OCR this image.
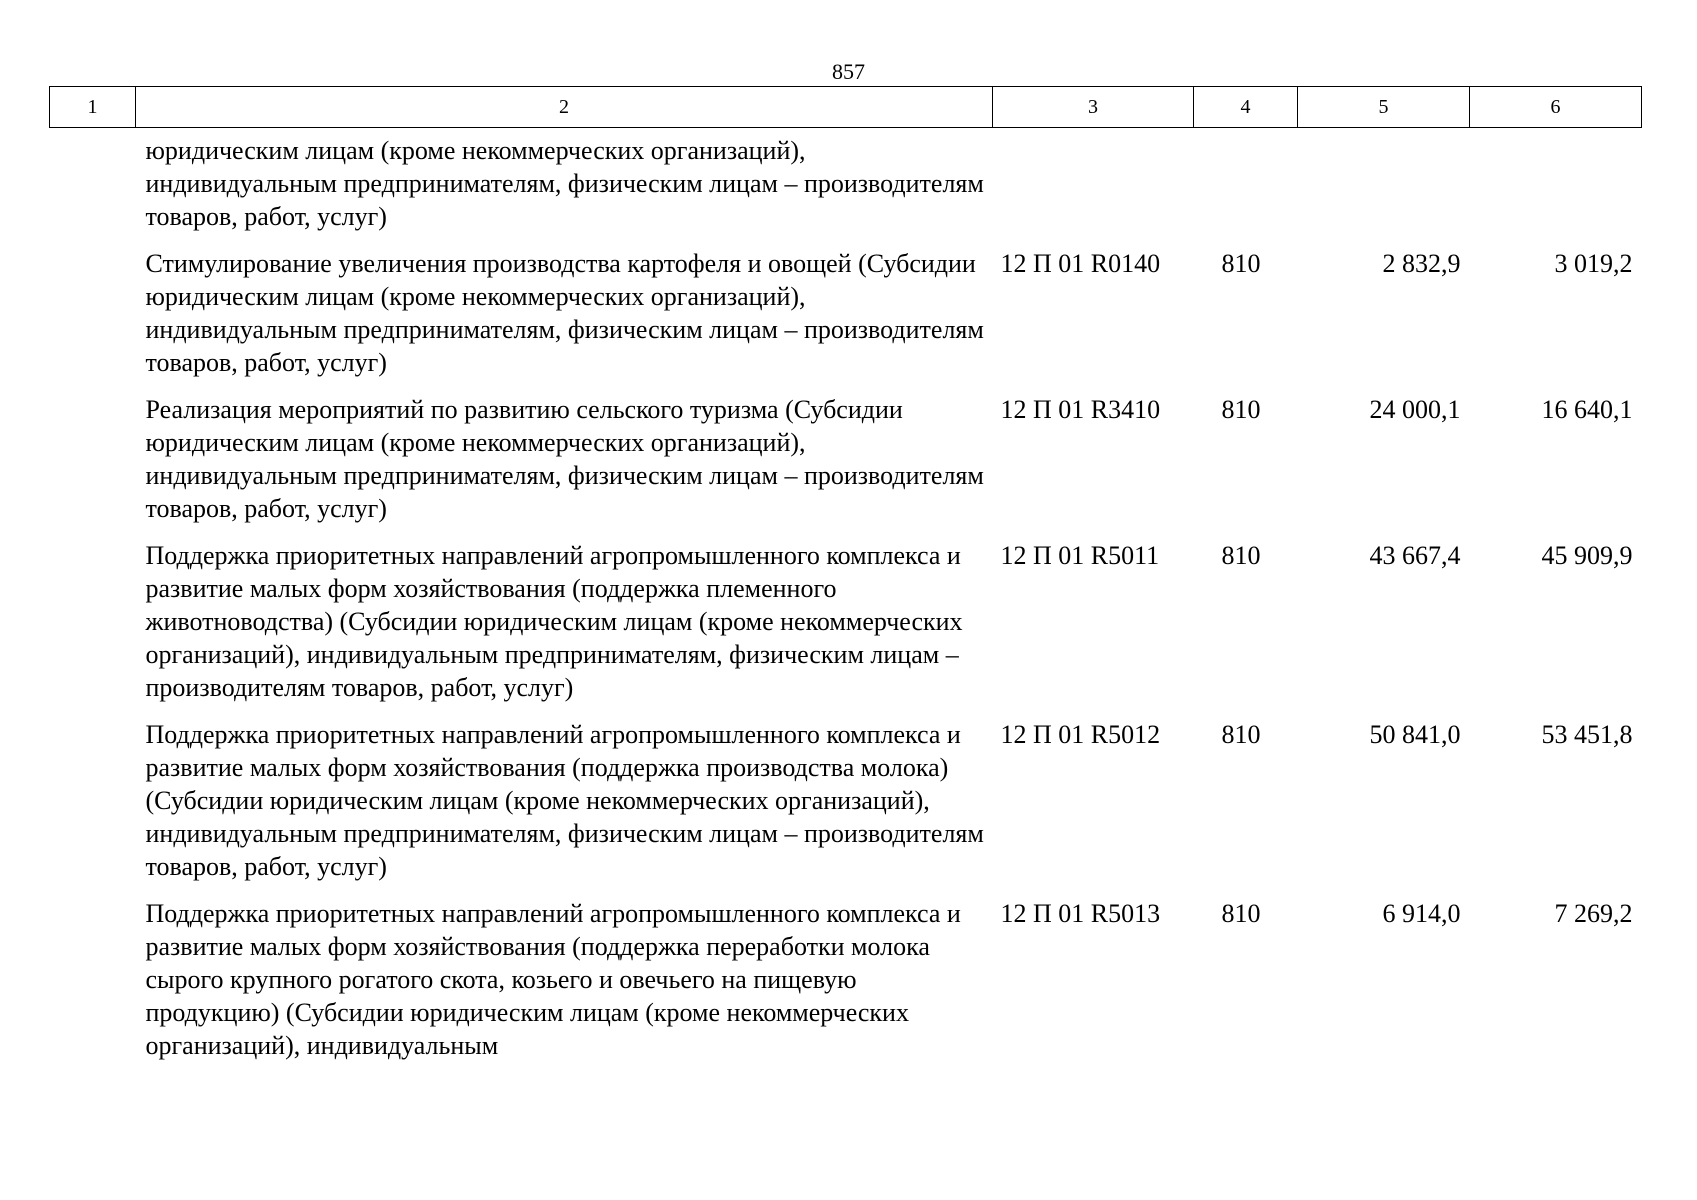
857
1	2	3	4	5	6
	юридическим лицам (кроме некоммерческих организаций), индивидуальным предпринимателям, физическим лицам – производителям товаров, работ, услуг)				
	Стимулирование увеличения производства картофеля и овощей (Субсидии юридическим лицам (кроме некоммерческих организаций), индивидуальным предпринимателям, физическим лицам – производителям товаров, работ, услуг)	12 П 01 R0140	810	2 832,9	3 019,2
	Реализация мероприятий по развитию сельского туризма (Субсидии юридическим лицам (кроме некоммерческих организаций), индивидуальным предпринимателям, физическим лицам – производителям товаров, работ, услуг)	12 П 01 R3410	810	24 000,1	16 640,1
	Поддержка приоритетных направлений агропромышленного комплекса и развитие малых форм хозяйствования (поддержка племенного животноводства) (Субсидии юридическим лицам (кроме некоммерческих организаций), индивидуальным предпринимателям, физическим лицам – производителям товаров, работ, услуг)	12 П 01 R5011	810	43 667,4	45 909,9
	Поддержка приоритетных направлений агропромышленного комплекса и развитие малых форм хозяйствования (поддержка производства молока) (Субсидии юридическим лицам (кроме некоммерческих организаций), индивидуальным предпринимателям, физическим лицам – производителям товаров, работ, услуг)	12 П 01 R5012	810	50 841,0	53 451,8
	Поддержка приоритетных направлений агропромышленного комплекса и развитие малых форм хозяйствования (поддержка переработки молока сырого крупного рогатого скота, козьего и овечьего на пищевую продукцию) (Субсидии юридическим лицам (кроме некоммерческих организаций), индивидуальным	12 П 01 R5013	810	6 914,0	7 269,2
